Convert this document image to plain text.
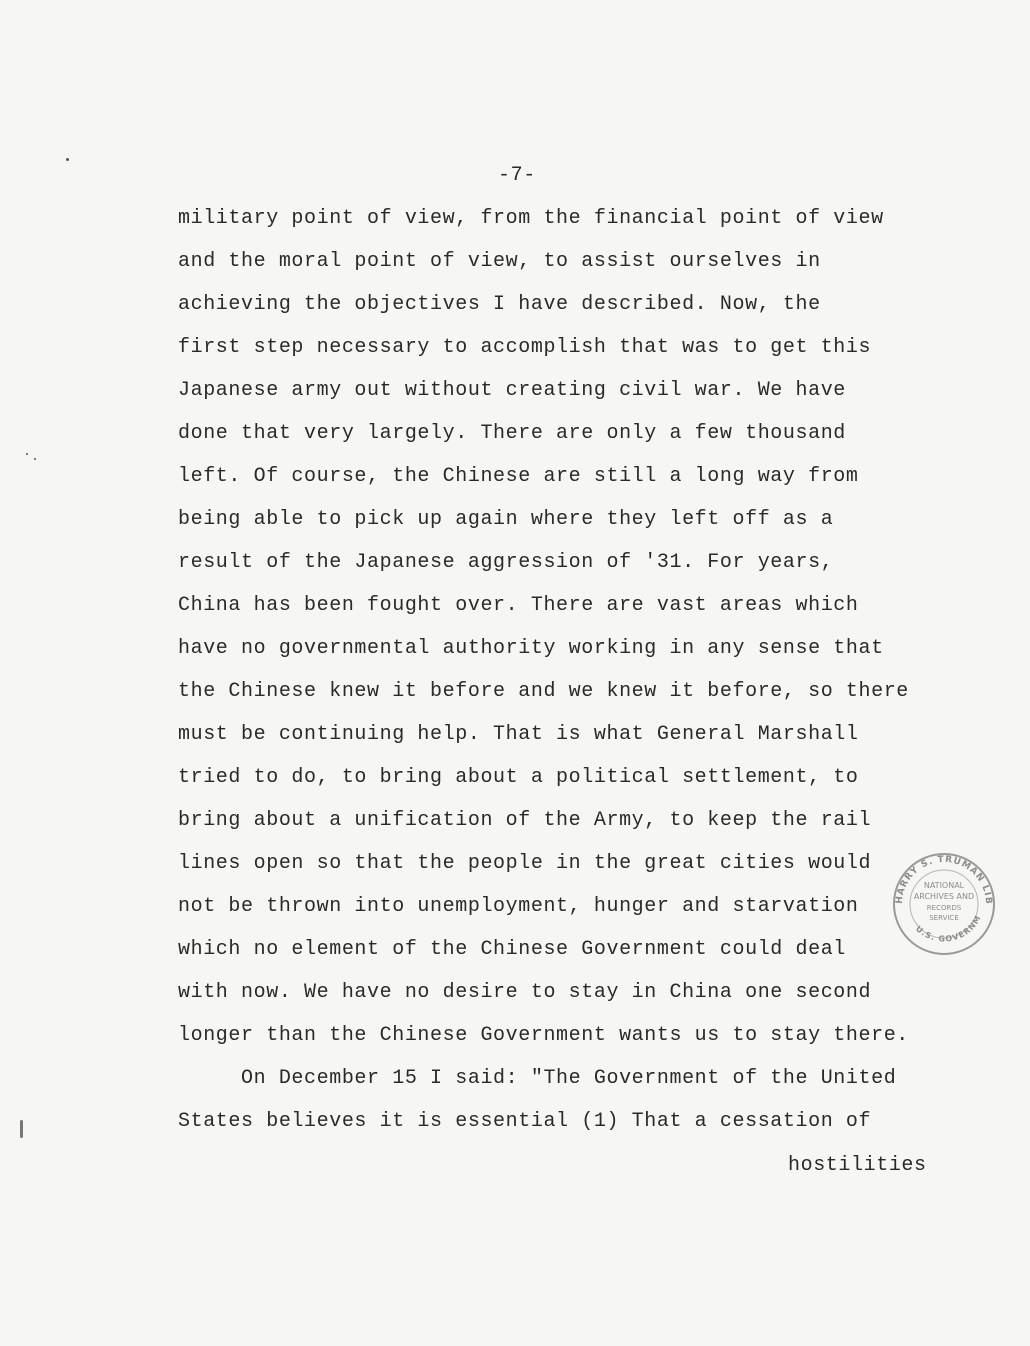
-7-
military point of view, from the financial point of view
and the moral point of view, to assist ourselves in
achieving the objectives I have described. Now, the
first step necessary to accomplish that was to get this
Japanese army out without creating civil war. We have
done that very largely. There are only a few thousand
left. Of course, the Chinese are still a long way from
being able to pick up again where they left off as a
result of the Japanese aggression of '31. For years,
China has been fought over. There are vast areas which
have no governmental authority working in any sense that
the Chinese knew it before and we knew it before, so there
must be continuing help. That is what General Marshall
tried to do, to bring about a political settlement, to
bring about a unification of the Army, to keep the rail
lines open so that the people in the great cities would
not be thrown into unemployment, hunger and starvation
which no element of the Chinese Government could deal
with now. We have no desire to stay in China one second
longer than the Chinese Government wants us to stay there.
On December 15 I said: "The Government of the United
States believes it is essential (1) That a cessation of
hostilities
HARRY S. TRUMAN LIB
U.S. GOVERNM
NATIONAL
ARCHIVES AND
RECORDS
SERVICE
